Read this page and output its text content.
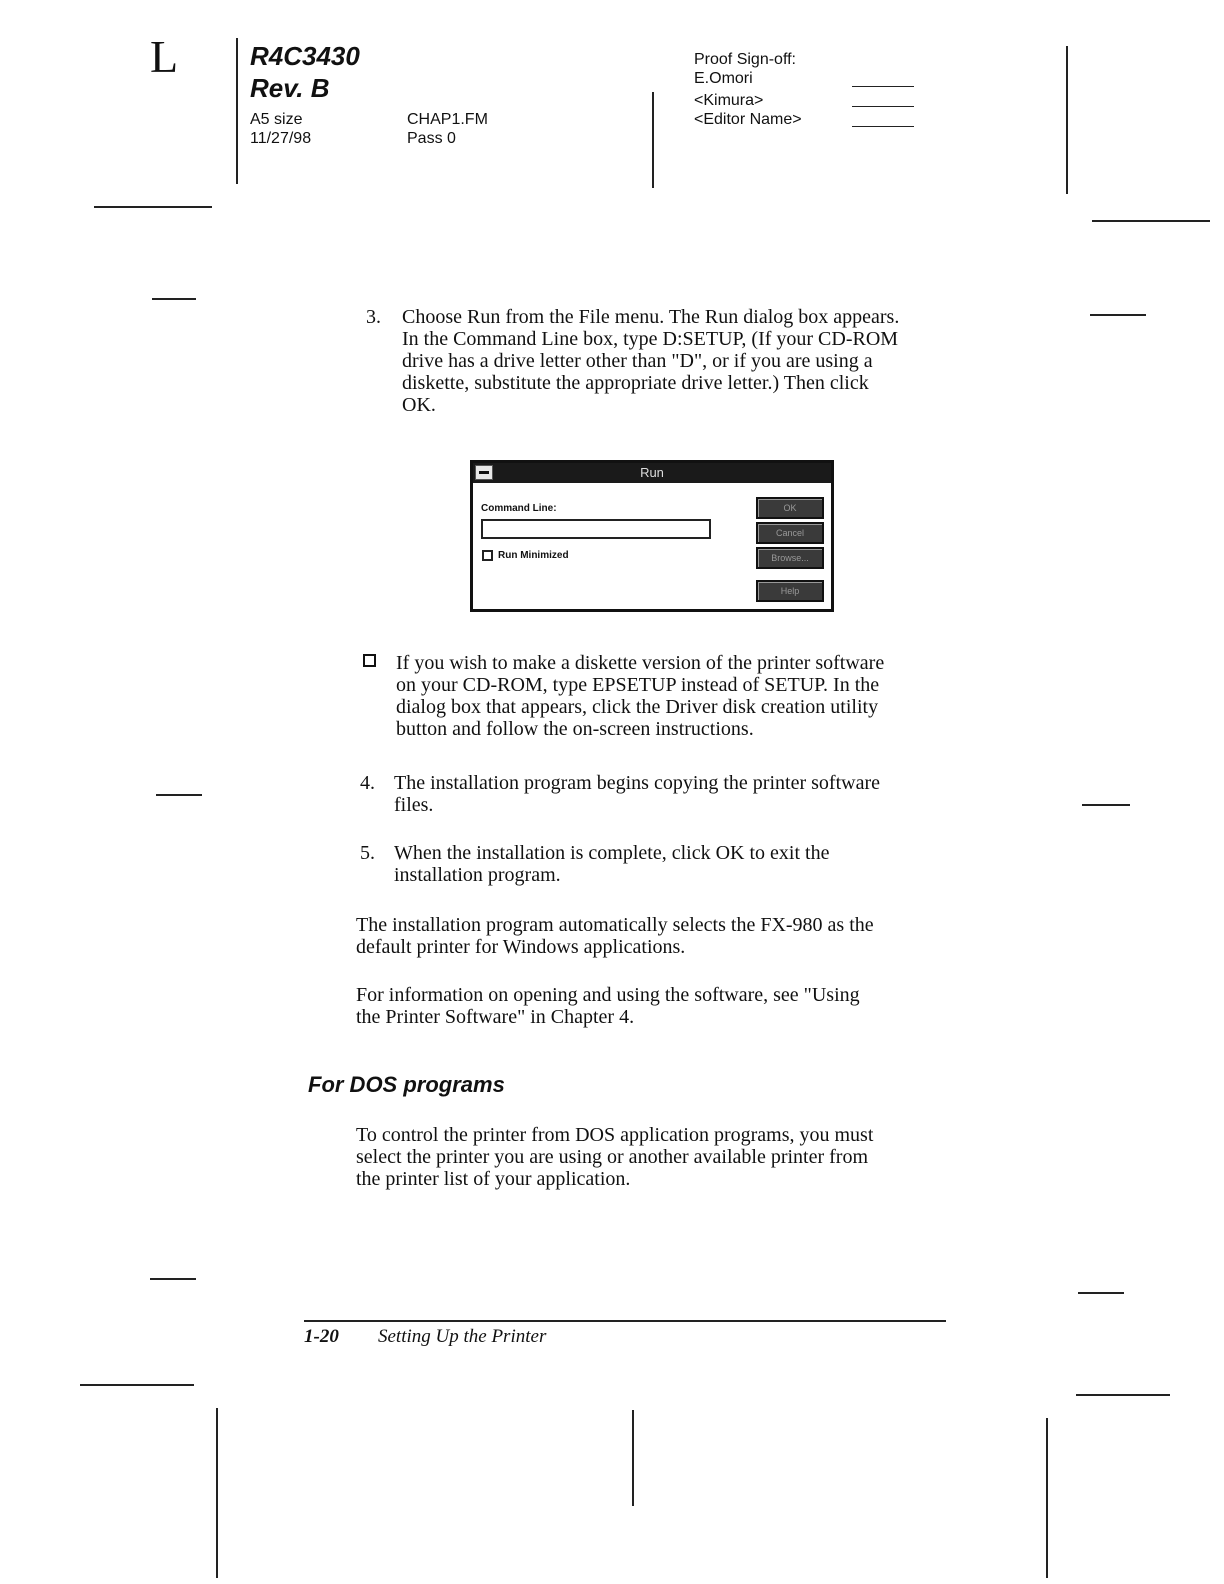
L	R4C3430
Rev. B
A5 size
11/27/98
CHAP1.FM
Pass 0
Proof Sign-off:
E.Omori
<Kimura>
<Editor Name>
3. Choose Run from the File menu. The Run dialog box appears.
In the Command Line box, type D:SETUP, (If your CD-ROM
drive has a drive letter other than "D", or if you are using a
diskette, substitute the appropriate drive letter.) Then click
OK.
Run
Command Line:
Run Minimized
OK
Cancel
Browse...
Help
If you wish to make a diskette version of the printer software
on your CD-ROM, type EPSETUP instead of SETUP. In the
dialog box that appears, click the Driver disk creation utility
button and follow the on-screen instructions.
4. The installation program begins copying the printer software
files.
5. When the installation is complete, click OK to exit the
installation program.
The installation program automatically selects the FX-980 as the
default printer for Windows applications.
For information on opening and using the software, see "Using
the Printer Software" in Chapter 4.
For DOS programs
To control the printer from DOS application programs, you must
select the printer you are using or another available printer from
the printer list of your application.
1-20 Setting Up the Printer
